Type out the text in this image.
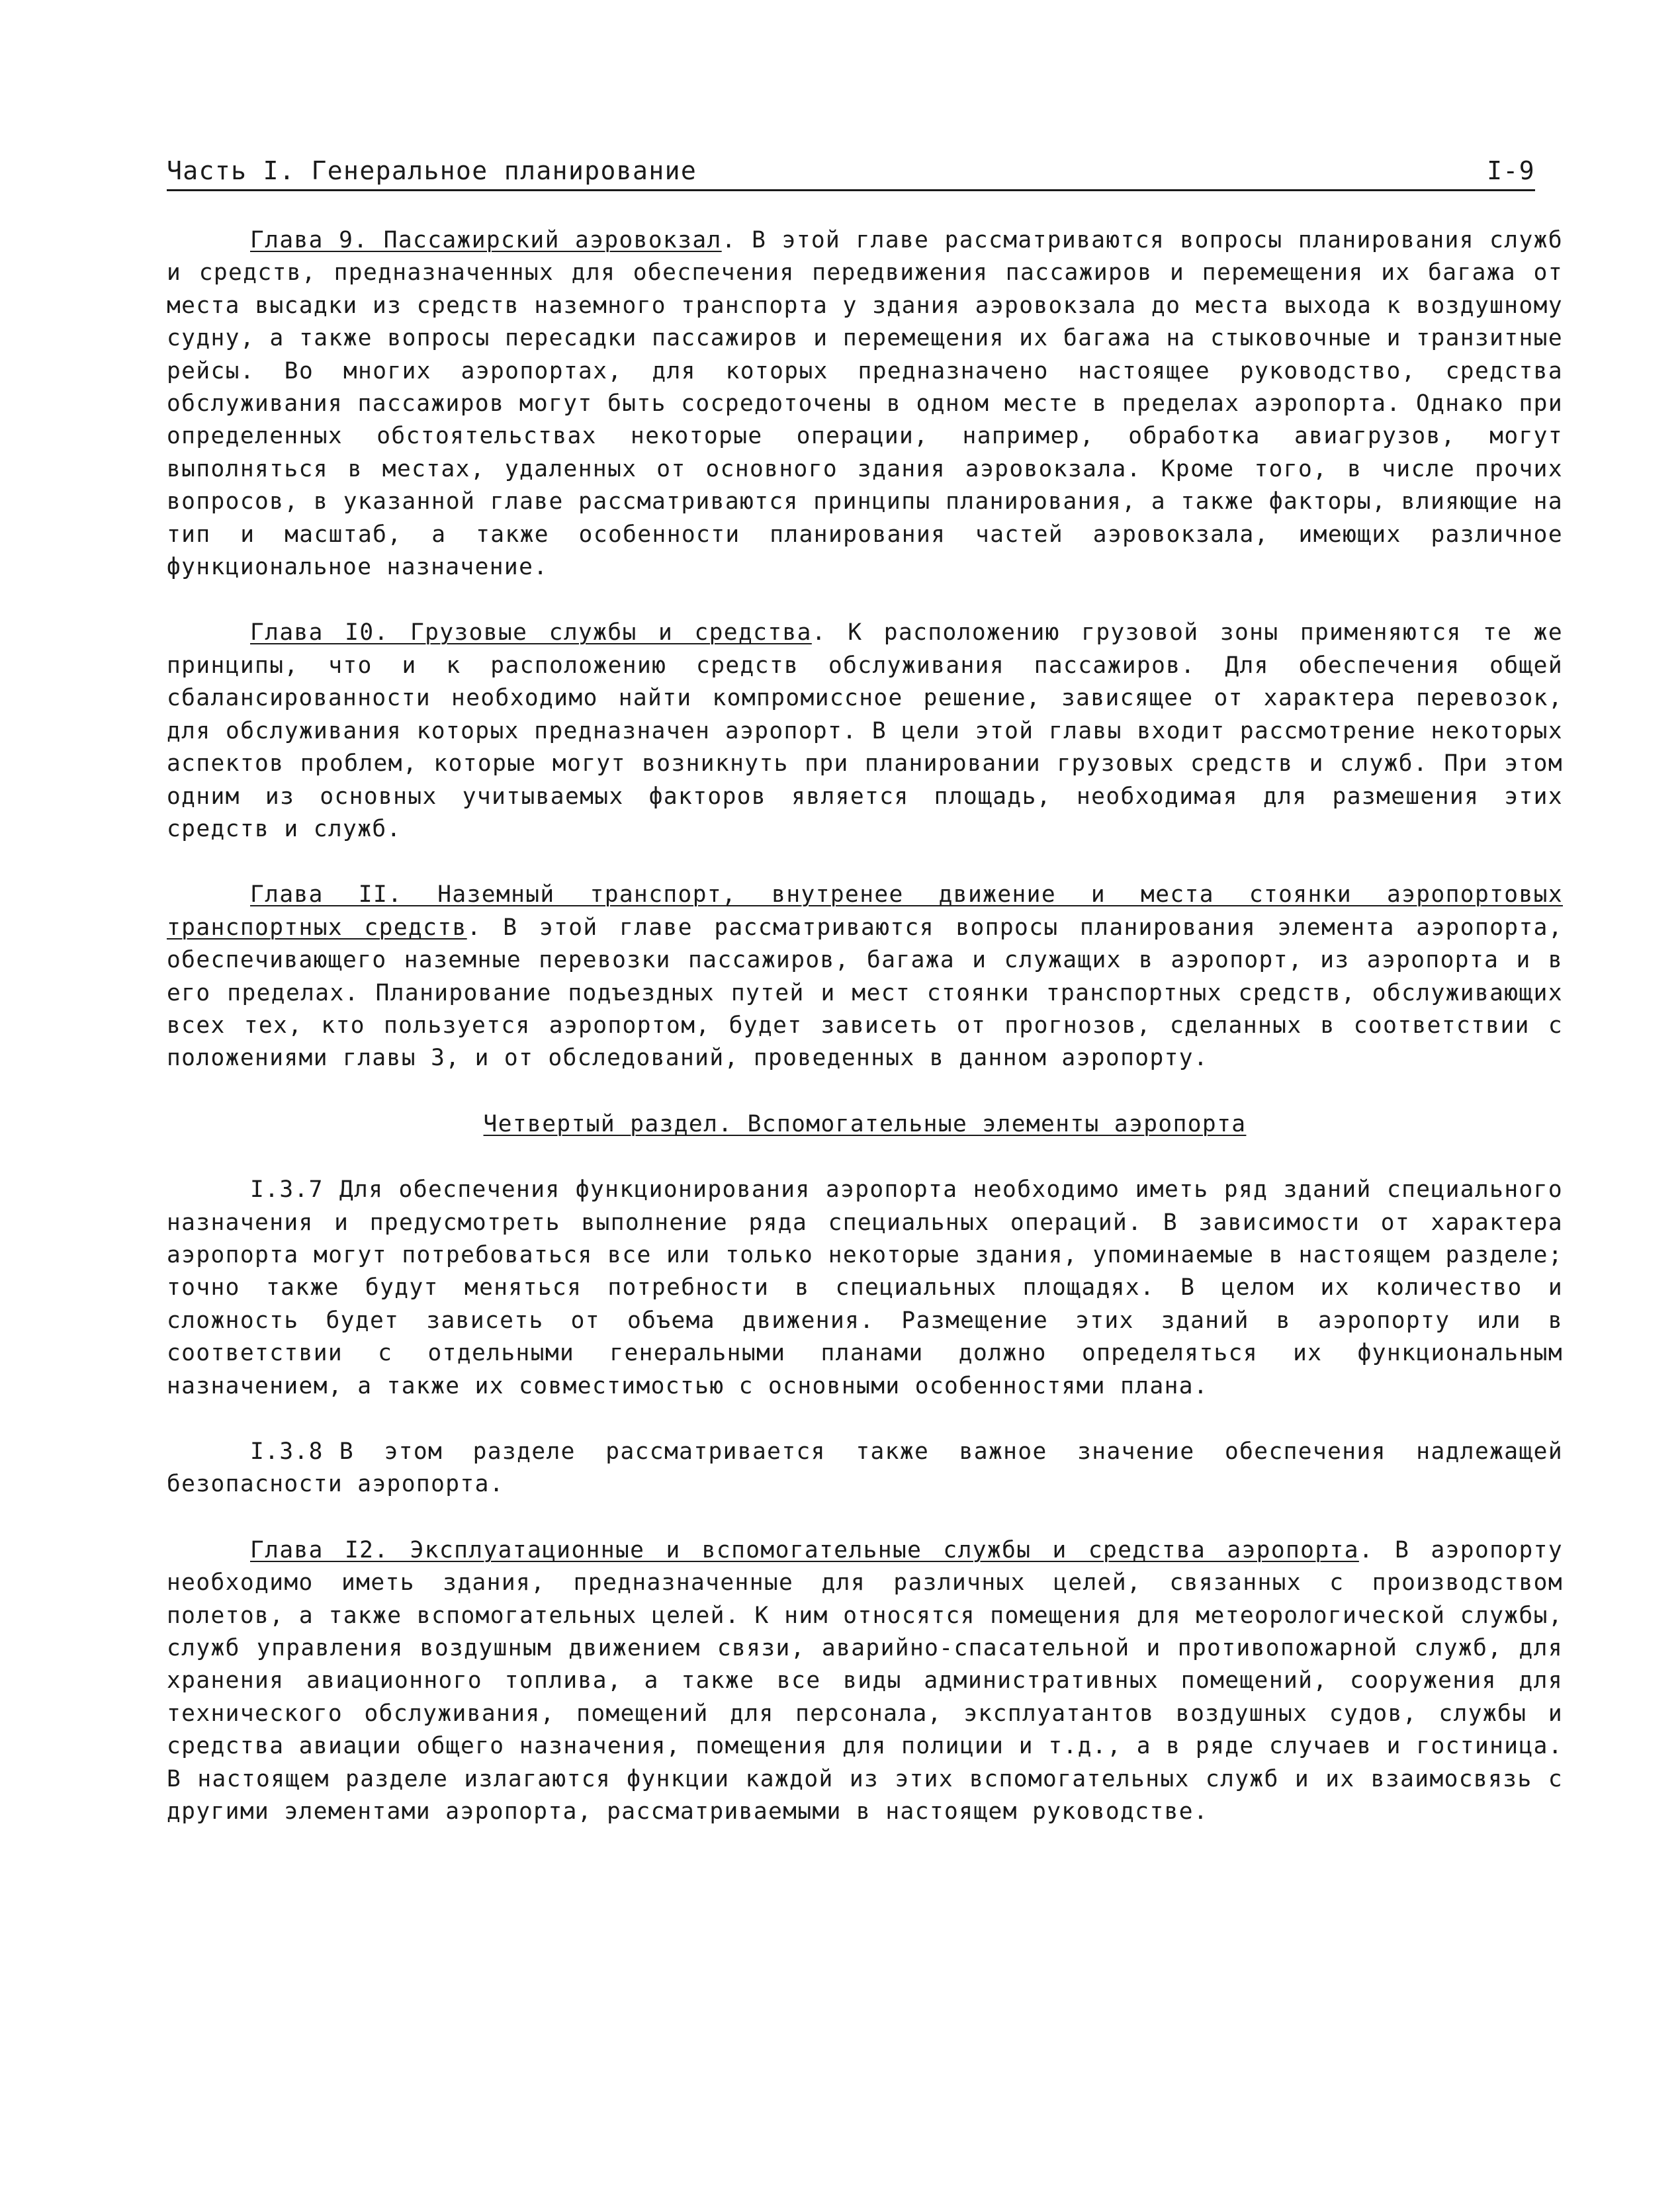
Часть I. Генеральное планирование	I-9

Глава 9. Пассажирский аэровокзал. В этой главе рассматриваются вопросы планирования служб и средств, предназначенных для обеспечения передвижения пассажиров и перемещения их багажа от места высадки из средств наземного транспорта у здания аэровокзала до места выхода к воздушному судну, а также вопросы пересадки пассажиров и перемещения их багажа на стыковочные и транзитные рейсы. Во многих аэропортах, для которых предназначено настоящее руководство, средства обслуживания пассажиров могут быть сосредоточены в одном месте в пределах аэропорта. Однако при определенных обстоятельствах некоторые операции, например, обработка авиагрузов, могут выполняться в местах, удаленных от основного здания аэровокзала. Кроме того, в числе прочих вопросов, в указанной главе рассматриваются принципы планирования, а также факторы, влияющие на тип и масштаб, а также особенности планирования частей аэровокзала, имеющих различное функциональное назначение.

Глава I0. Грузовые службы и средства. К расположению грузовой зоны применяются те же принципы, что и к расположению средств обслуживания пассажиров. Для обеспечения общей сбалансированности необходимо найти компромиссное решение, зависящее от характера перевозок, для обслуживания которых предназначен аэропорт. В цели этой главы входит рассмотрение некоторых аспектов проблем, которые могут возникнуть при планировании грузовых средств и служб. При этом одним из основных учитываемых факторов является площадь, необходимая для размешения этих средств и служб.

Глава II. Наземный транспорт, внутренее движение и места стоянки аэропортовых транспортных средств. В этой главе рассматриваются вопросы планирования элемента аэропорта, обеспечивающего наземные перевозки пассажиров, багажа и служащих в аэропорт, из аэропорта и в его пределах. Планирование подъездных путей и мест стоянки транспортных средств, обслуживающих всех тех, кто пользуется аэропортом, будет зависеть от прогнозов, сделанных в соответствии с положениями главы 3, и от обследований, проведенных в данном аэропорту.

Четвертый раздел. Вспомогательные элементы аэропорта

I.3.7 Для обеспечения функционирования аэропорта необходимо иметь ряд зданий специального назначения и предусмотреть выполнение ряда специальных операций. В зависимости от характера аэропорта могут потребоваться все или только некоторые здания, упоминаемые в настоящем разделе; точно также будут меняться потребности в специальных площадях. В целом их количество и сложность будет зависеть от объема движения. Размещение этих зданий в аэропорту или в соответствии с отдельными генеральными планами должно определяться их функциональным назначением, а также их совместимостью с основными особенностями плана.

I.3.8 В этом разделе рассматривается также важное значение обеспечения надлежащей безопасности аэропорта.

Глава I2. Эксплуатационные и вспомогательные службы и средства аэропорта. В аэропорту необходимо иметь здания, предназначенные для различных целей, связанных с производством полетов, а также вспомогательных целей. К ним относятся помещения для метеорологической службы, служб управления воздушным движением связи, аварийно-спасательной и противопожарной служб, для хранения авиационного топлива, а также все виды административных помещений, сооружения для технического обслуживания, помещений для персонала, эксплуатантов воздушных судов, службы и средства авиации общего назначения, помещения для полиции и т.д., а в ряде случаев и гостиница. В настоящем разделе излагаются функции каждой из этих вспомогательных служб и их взаимосвязь с другими элементами аэропорта, рассматриваемыми в настоящем руководстве.
